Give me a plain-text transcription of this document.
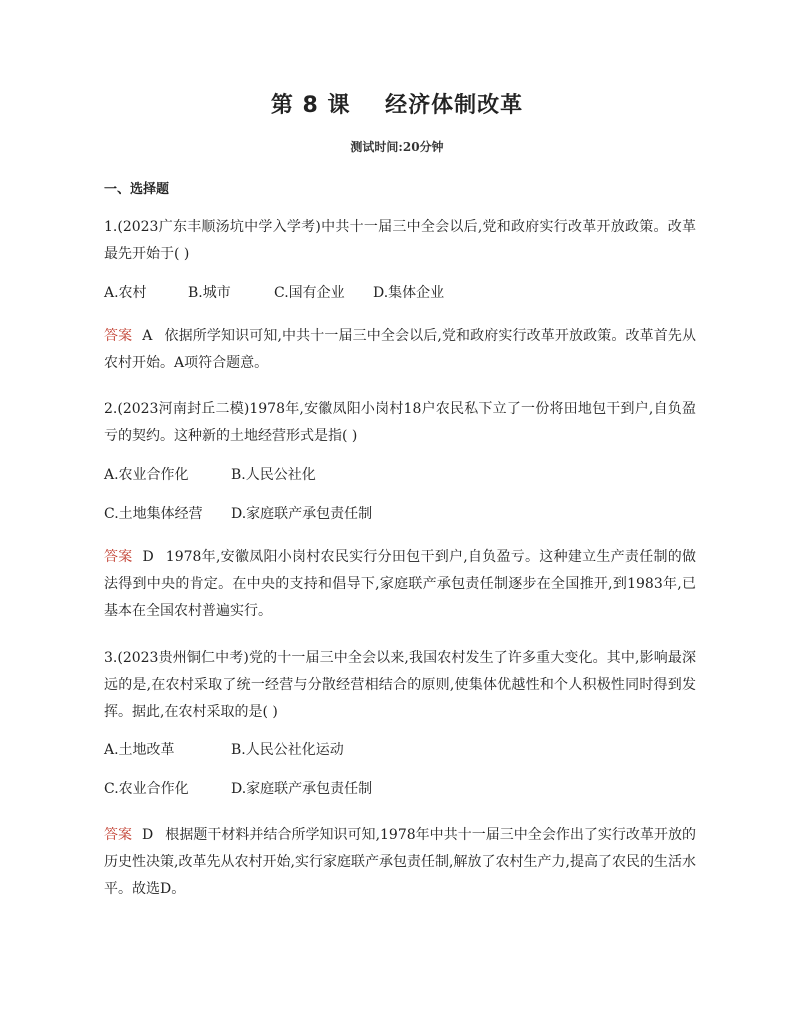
第 8 课    经济体制改革
测试时间:20分钟
一、选择题
1.(2023广东丰顺汤坑中学入学考)中共十一届三中全会以后,党和政府实行改革开放政策。改革最先开始于( )
A.农村	B.城市	C.国有企业 D.集体企业
答案 A 依据所学知识可知,中共十一届三中全会以后,党和政府实行改革开放政策。改革首先从农村开始。A项符合题意。
2.(2023河南封丘二模)1978年,安徽凤阳小岗村18户农民私下立了一份将田地包干到户,自负盈亏的契约。这种新的土地经营形式是指( )
A.农业合作化	B.人民公社化
C.土地集体经营 D.家庭联产承包责任制
答案 D 1978年,安徽凤阳小岗村农民实行分田包干到户,自负盈亏。这种建立生产责任制的做法得到中央的肯定。在中央的支持和倡导下,家庭联产承包责任制逐步在全国推开,到1983年,已基本在全国农村普遍实行。
3.(2023贵州铜仁中考)党的十一届三中全会以来,我国农村发生了许多重大变化。其中,影响最深远的是,在农村采取了统一经营与分散经营相结合的原则,使集体优越性和个人积极性同时得到发挥。据此,在农村采取的是( )
A.土地改革	B.人民公社化运动
C.农业合作化	D.家庭联产承包责任制
答案 D 根据题干材料并结合所学知识可知,1978年中共十一届三中全会作出了实行改革开放的历史性决策,改革先从农村开始,实行家庭联产承包责任制,解放了农村生产力,提高了农民的生活水平。故选D。
